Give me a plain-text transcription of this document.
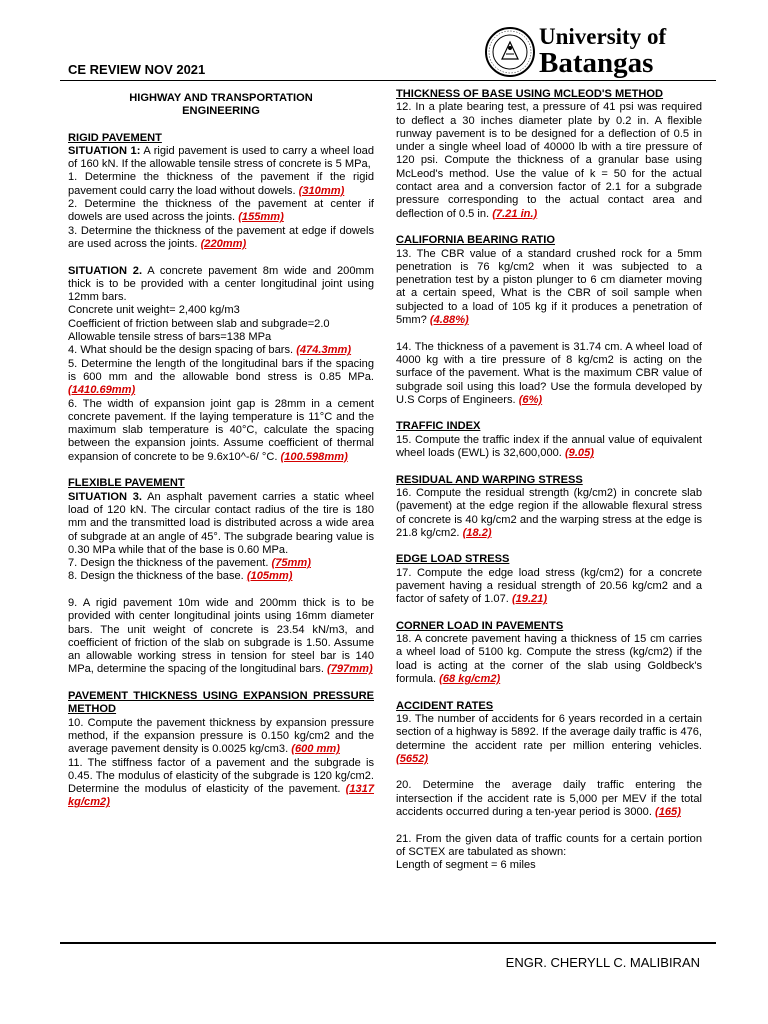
CE REVIEW NOV 2021
University of
Batangas
HIGHWAY AND TRANSPORTATION
ENGINEERING
RIGID PAVEMENT

SITUATION 1: A rigid pavement is used to carry a wheel load of 160 kN. If the allowable tensile stress of concrete is 5 MPa,

1. Determine the thickness of the pavement if the rigid pavement could carry the load without dowels. (310mm)

2. Determine the thickness of the pavement at center if dowels are used across the joints. (155mm)

3. Determine the thickness of the pavement at edge if dowels are used across the joints. (220mm)

SITUATION 2. A concrete pavement 8m wide and 200mm thick is to be provided with a center longitudinal joint using 12mm bars.

Concrete unit weight= 2,400 kg/m3
Coefficient of friction between slab and subgrade=2.0
Allowable tensile stress of bars=138 MPa

4. What should be the design spacing of bars. (474.3mm)

5. Determine the length of the longitudinal bars if the spacing is 600 mm and the allowable bond stress is 0.85 MPa. (1410.69mm)

6. The width of expansion joint gap is 28mm in a cement concrete pavement. If the laying temperature is 11°C and the maximum slab temperature is 40°C, calculate the spacing between the expansion joints. Assume coefficient of thermal expansion of concrete to be 9.6x10^-6/ °C. (100.598mm)

FLEXIBLE PAVEMENT

SITUATION 3. An asphalt pavement carries a static wheel load of 120 kN. The circular contact radius of the tire is 180 mm and the transmitted load is distributed across a wide area of subgrade at an angle of 45°. The subgrade bearing value is 0.30 MPa while that of the base is 0.60 MPa.

7. Design the thickness of the pavement. (75mm)

8. Design the thickness of the base. (105mm)

9. A rigid pavement 10m wide and 200mm thick is to be provided with center longitudinal joints using 16mm diameter bars. The unit weight of concrete is 23.54 kN/m3, and coefficient of friction of the slab on subgrade is 1.50. Assume an allowable working stress in tension for steel bar is 140 MPa, determine the spacing of the longitudinal bars. (797mm)

PAVEMENT THICKNESS USING EXPANSION PRESSURE METHOD

10. Compute the pavement thickness by expansion pressure method, if the expansion pressure is 0.150 kg/cm2 and the average pavement density is 0.0025 kg/cm3. (600 mm)

11. The stiffness factor of a pavement and the subgrade is 0.45. The modulus of elasticity of the subgrade is 120 kg/cm2. Determine the modulus of elasticity of the pavement. (1317 kg/cm2)

THICKNESS OF BASE USING MCLEOD'S METHOD

12. In a plate bearing test, a pressure of 41 psi was required to deflect a 30 inches diameter plate by 0.2 in. A flexible runway pavement is to be designed for a deflection of 0.5 in under a single wheel load of 40000 lb with a tire pressure of 120 psi. Compute the thickness of a granular base using McLeod's method. Use the value of k = 50 for the actual contact area and a conversion factor of 2.1 for a subgrade pressure corresponding to the actual contact area and deflection of 0.5 in. (7.21 in.)

CALIFORNIA BEARING RATIO

13. The CBR value of a standard crushed rock for a 5mm penetration is 76 kg/cm2 when it was subjected to a penetration test by a piston plunger to 6 cm diameter moving at a certain speed, What is the CBR of soil sample when subjected to a load of 105 kg if it produces a penetration of 5mm? (4.88%)

14. The thickness of a pavement is 31.74 cm. A wheel load of 4000 kg with a tire pressure of 8 kg/cm2 is acting on the surface of the pavement. What is the maximum CBR value of subgrade soil using this load? Use the formula developed by U.S Corps of Engineers. (6%)

TRAFFIC INDEX

15. Compute the traffic index if the annual value of equivalent wheel loads (EWL) is 32,600,000. (9.05)

RESIDUAL AND WARPING STRESS

16. Compute the residual strength (kg/cm2) in concrete slab (pavement) at the edge region if the allowable flexural stress of concrete is 40 kg/cm2 and the warping stress at the edge is 21.8 kg/cm2. (18.2)

EDGE LOAD STRESS

17. Compute the edge load stress (kg/cm2) for a concrete pavement having a residual strength of 20.56 kg/cm2 and a factor of safety of 1.07. (19.21)

CORNER LOAD IN PAVEMENTS

18. A concrete pavement having a thickness of 15 cm carries a wheel load of 5100 kg. Compute the stress (kg/cm2) if the load is acting at the corner of the slab using Goldbeck's formula. (68 kg/cm2)

ACCIDENT RATES

19. The number of accidents for 6 years recorded in a certain section of a highway is 5892. If the average daily traffic is 476, determine the accident rate per million entering vehicles. (5652)

20. Determine the average daily traffic entering the intersection if the accident rate is 5,000 per MEV if the total accidents occurred during a ten-year period is 3000. (165)

21. From the given data of traffic counts for a certain portion of SCTEX are tabulated as shown:

Length of segment = 6 miles
ENGR. CHERYLL C. MALIBIRAN
